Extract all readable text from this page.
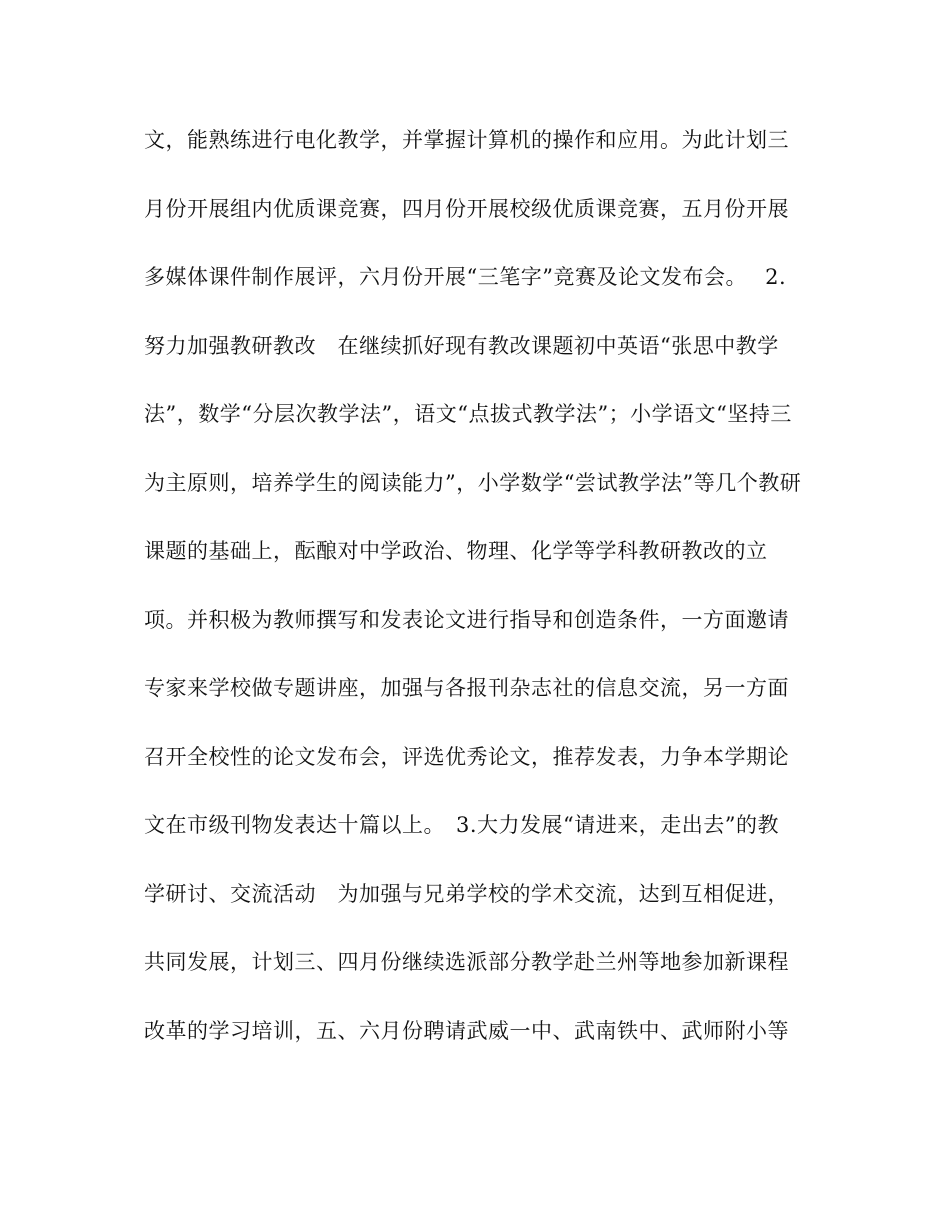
文，能熟练进行电化教学，并掌握计算机的操作和应用。为此计划三
月份开展组内优质课竞赛，四月份开展校级优质课竞赛，五月份开展
多媒体课件制作展评，六月份开展“三笔字”竞赛及论文发布会。　 2.
努力加强教研教改　在继续抓好现有教改课题初中英语“张思中教学
法”，数学“分层次教学法”，语文“点拔式教学法”；小学语文“坚持三
为主原则，培养学生的阅读能力”，小学数学“尝试教学法”等几个教研
课题的基础上，酝酿对中学政治、物理、化学等学科教研教改的立
项。并积极为教师撰写和发表论文进行指导和创造条件，一方面邀请
专家来学校做专题讲座，加强与各报刊杂志社的信息交流，另一方面
召开全校性的论文发布会，评选优秀论文，推荐发表，力争本学期论
文在市级刊物发表达十篇以上。　3.大力发展“请进来，走出去”的教
学研讨、交流活动　为加强与兄弟学校的学术交流，达到互相促进，
共同发展，计划三、四月份继续选派部分教学赴兰州等地参加新课程
改革的学习培训，五、六月份聘请武威一中、武南铁中、武师附小等
